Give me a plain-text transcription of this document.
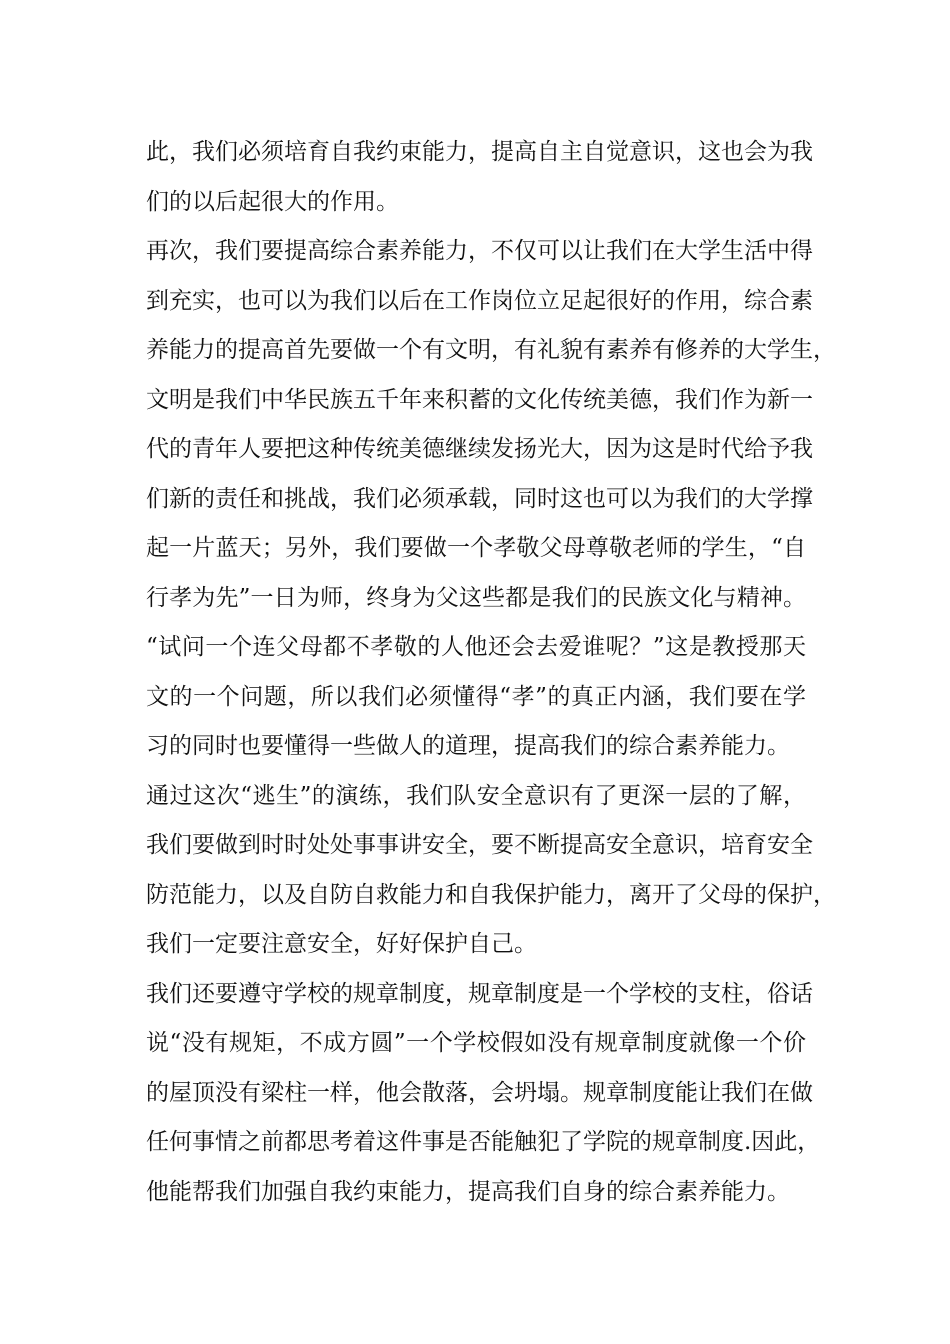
此，我们必须培育自我约束能力，提高自主自觉意识，这也会为我
们的以后起很大的作用。
再次，我们要提高综合素养能力，不仅可以让我们在大学生活中得
到充实，也可以为我们以后在工作岗位立足起很好的作用，综合素
养能力的提高首先要做一个有文明，有礼貌有素养有修养的大学生，
文明是我们中华民族五千年来积蓄的文化传统美德，我们作为新一
代的青年人要把这种传统美德继续发扬光大，因为这是时代给予我
们新的责任和挑战，我们必须承载，同时这也可以为我们的大学撑
起一片蓝天；另外，我们要做一个孝敬父母尊敬老师的学生，“自
行孝为先”一日为师，终身为父这些都是我们的民族文化与精神。
“试问一个连父母都不孝敬的人他还会去爱谁呢？”这是教授那天
文的一个问题，所以我们必须懂得“孝”的真正内涵，我们要在学
习的同时也要懂得一些做人的道理，提高我们的综合素养能力。
通过这次“逃生”的演练，我们队安全意识有了更深一层的了解，
我们要做到时时处处事事讲安全，要不断提高安全意识，培育安全
防范能力，以及自防自救能力和自我保护能力，离开了父母的保护，
我们一定要注意安全，好好保护自己。
我们还要遵守学校的规章制度，规章制度是一个学校的支柱，俗话
说“没有规矩，不成方圆”一个学校假如没有规章制度就像一个价
的屋顶没有梁柱一样，他会散落，会坍塌。规章制度能让我们在做
任何事情之前都思考着这件事是否能触犯了学院的规章制度.因此，
他能帮我们加强自我约束能力，提高我们自身的综合素养能力。
